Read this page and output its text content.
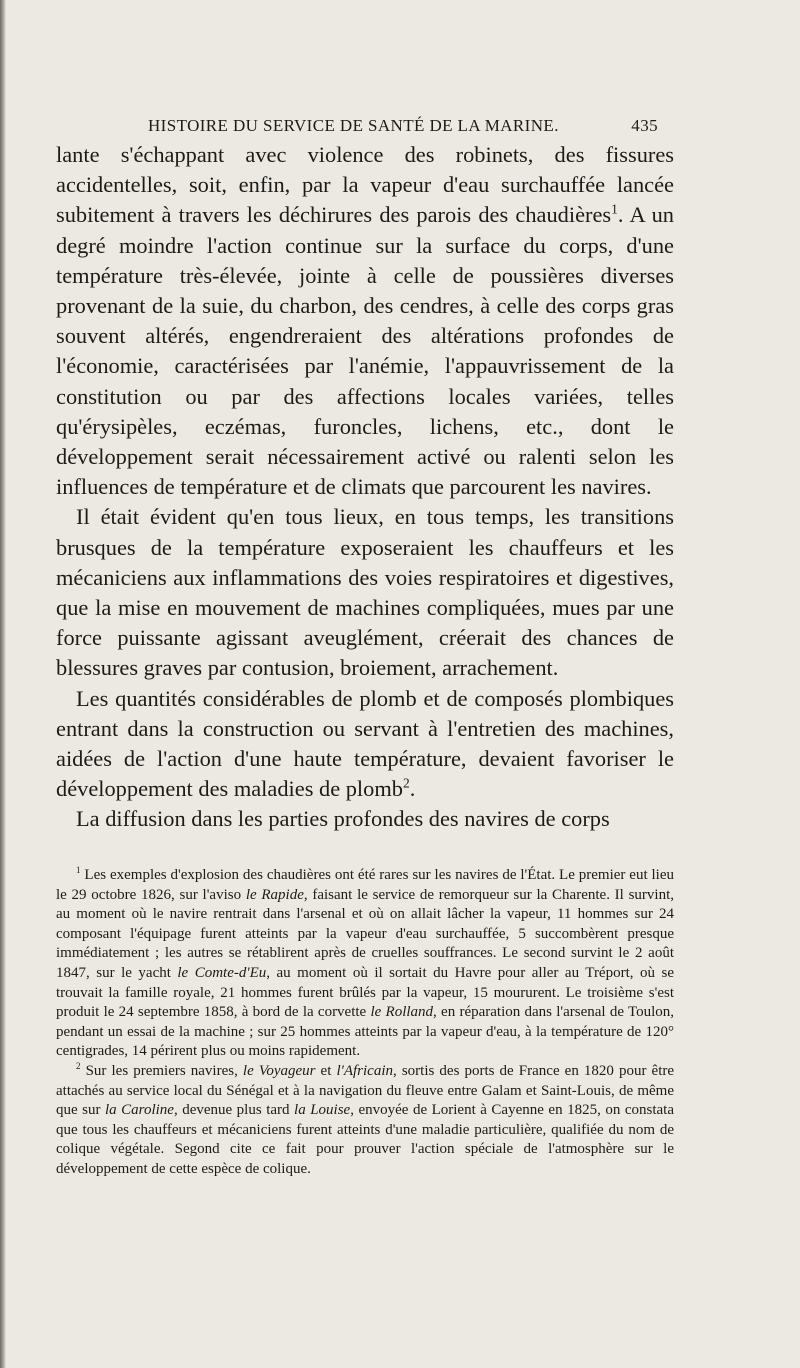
HISTOIRE DU SERVICE DE SANTÉ DE LA MARINE.	435

lante s'échappant avec violence des robinets, des fissures accidentelles, soit, enfin, par la vapeur d'eau surchauffée lancée subitement à travers les déchirures des parois des chaudières$^1$. A un degré moindre l'action continue sur la surface du corps, d'une température très-élevée, jointe à celle de poussières diverses provenant de la suie, du charbon, des cendres, à celle des corps gras souvent altérés, engendreraient des altérations profondes de l'économie, caractérisées par l'anémie, l'appauvrissement de la constitution ou par des affections locales variées, telles qu'érysipèles, eczémas, furoncles, lichens, etc., dont le développement serait nécessairement activé ou ralenti selon les influences de température et de climats que parcourent les navires.

Il était évident qu'en tous lieux, en tous temps, les transitions brusques de la température exposeraient les chauffeurs et les mécaniciens aux inflammations des voies respiratoires et digestives, que la mise en mouvement de machines compliquées, mues par une force puissante agissant aveuglément, créerait des chances de blessures graves par contusion, broiement, arrachement.

Les quantités considérables de plomb et de composés plombiques entrant dans la construction ou servant à l'entretien des machines, aidées de l'action d'une haute température, devaient favoriser le développement des maladies de plomb$^2$.

La diffusion dans les parties profondes des navires de corps

$^1$ Les exemples d'explosion des chaudières ont été rares sur les navires de l'État. Le premier eut lieu le 29 octobre 1826, sur l'aviso le Rapide, faisant le service de remorqueur sur la Charente. Il survint, au moment où le navire rentrait dans l'arsenal et où on allait lâcher la vapeur, 11 hommes sur 24 composant l'équipage furent atteints par la vapeur d'eau surchauffée, 5 succombèrent presque immédiatement ; les autres se rétablirent après de cruelles souffrances. Le second survint le 2 août 1847, sur le yacht le Comte-d'Eu, au moment où il sortait du Havre pour aller au Tréport, où se trouvait la famille royale, 21 hommes furent brûlés par la vapeur, 15 moururent. Le troisième s'est produit le 24 septembre 1858, à bord de la corvette le Rolland, en réparation dans l'arsenal de Toulon, pendant un essai de la machine ; sur 25 hommes atteints par la vapeur d'eau, à la température de 120° centigrades, 14 périrent plus ou moins rapidement.

$^2$ Sur les premiers navires, le Voyageur et l'Africain, sortis des ports de France en 1820 pour être attachés au service local du Sénégal et à la navigation du fleuve entre Galam et Saint-Louis, de même que sur la Caroline, devenue plus tard la Louise, envoyée de Lorient à Cayenne en 1825, on constata que tous les chauffeurs et mécaniciens furent atteints d'une maladie particulière, qualifiée du nom de colique végétale. Segond cite ce fait pour prouver l'action spéciale de l'atmosphère sur le développement de cette espèce de colique.
